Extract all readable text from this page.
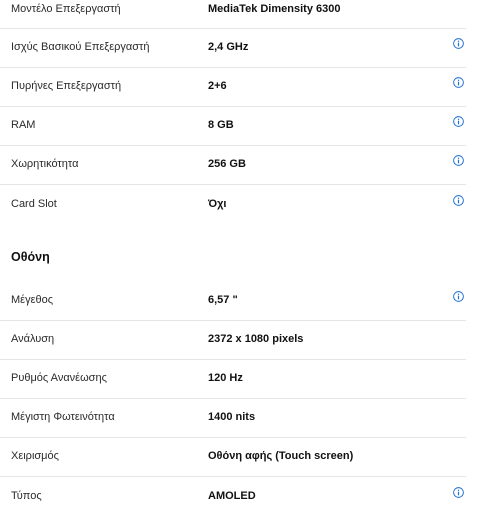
Μοντέλο Επεξεργαστή	MediaTek Dimensity 6300
Ισχύς Βασικού Επεξεργαστή	2,4 GHz
Πυρήνες Επεξεργαστή	2+6
RAM	8 GB
Χωρητικότητα	256 GB
Card Slot	Όχι
Οθόνη
Μέγεθος	6,57 "
Ανάλυση	2372 x 1080 pixels
Ρυθμός Ανανέωσης	120 Hz
Μέγιστη Φωτεινότητα	1400 nits
Χειρισμός	Οθόνη αφής (Touch screen)
Τύπος	AMOLED
